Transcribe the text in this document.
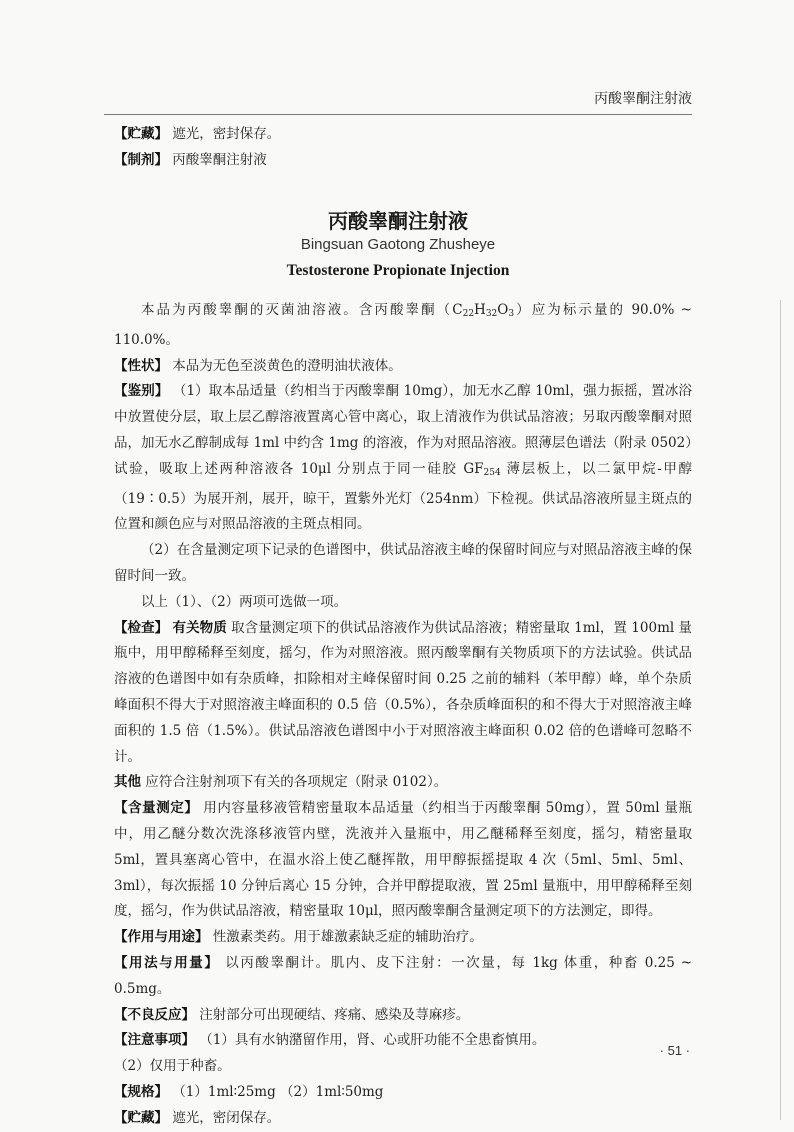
丙酸睾酮注射液
【贮藏】 遮光，密封保存。
【制剂】 丙酸睾酮注射液
丙酸睾酮注射液
Bingsuan Gaotong Zhusheye
Testosterone Propionate Injection

本品为丙酸睾酮的灭菌油溶液。含丙酸睾酮$(C_{22}H_{32}O_3)$应为标示量的 90.0% ~ 110.0%。

【性状】 本品为无色至淡黄色的澄明油状液体。

【鉴别】 （1）取本品适量（约相当于丙酸睾酮 10mg），加无水乙醇 10ml，强力振摇，置冰浴中放置使分层，取上层乙醇溶液置离心管中离心，取上清液作为供试品溶液；另取丙酸睾酮对照品，加无水乙醇制成每 1ml 中约含 1mg 的溶液，作为对照品溶液。照薄层色谱法（附录 0502）试验，吸取上述两种溶液各 10μl 分别点于同一硅胶 $GF_{254}$ 薄层板上，以二氯甲烷-甲醇（19∶0.5）为展开剂，展开，晾干，置紫外光灯（254nm）下检视。供试品溶液所显主斑点的位置和颜色应与对照品溶液的主斑点相同。

（2）在含量测定项下记录的色谱图中，供试品溶液主峰的保留时间应与对照品溶液主峰的保留时间一致。

以上（1）、（2）两项可选做一项。

【检查】 有关物质 取含量测定项下的供试品溶液作为供试品溶液；精密量取 1ml，置 100ml 量瓶中，用甲醇稀释至刻度，摇匀，作为对照溶液。照丙酸睾酮有关物质项下的方法试验。供试品溶液的色谱图中如有杂质峰，扣除相对主峰保留时间 0.25 之前的辅料（苯甲醇）峰，单个杂质峰面积不得大于对照溶液主峰面积的 0.5 倍（0.5%），各杂质峰面积的和不得大于对照溶液主峰面积的 1.5 倍（1.5%）。供试品溶液色谱图中小于对照溶液主峰面积 0.02 倍的色谱峰可忽略不计。

其他 应符合注射剂项下有关的各项规定（附录 0102）。

【含量测定】 用内容量移液管精密量取本品适量（约相当于丙酸睾酮 50mg），置 50ml 量瓶中，用乙醚分数次洗涤移液管内壁，洗液并入量瓶中，用乙醚稀释至刻度，摇匀，精密量取 5ml，置具塞离心管中，在温水浴上使乙醚挥散，用甲醇振摇提取 4 次（5ml、5ml、5ml、3ml），每次振摇 10 分钟后离心 15 分钟，合并甲醇提取液，置 25ml 量瓶中，用甲醇稀释至刻度，摇匀，作为供试品溶液，精密量取 10μl，照丙酸睾酮含量测定项下的方法测定，即得。

【作用与用途】 性激素类药。用于雄激素缺乏症的辅助治疗。

【用法与用量】 以丙酸睾酮计。肌内、皮下注射：一次量，每 1kg 体重，种畜 0.25 ~ 0.5mg。

【不良反应】 注射部分可出现硬结、疼痛、感染及荨麻疹。

【注意事项】 （1）具有水钠潴留作用，肾、心或肝功能不全患畜慎用。

（2）仅用于种畜。

【规格】 （1）1ml∶25mg （2）1ml∶50mg

【贮藏】 遮光，密闭保存。

· 51 ·
